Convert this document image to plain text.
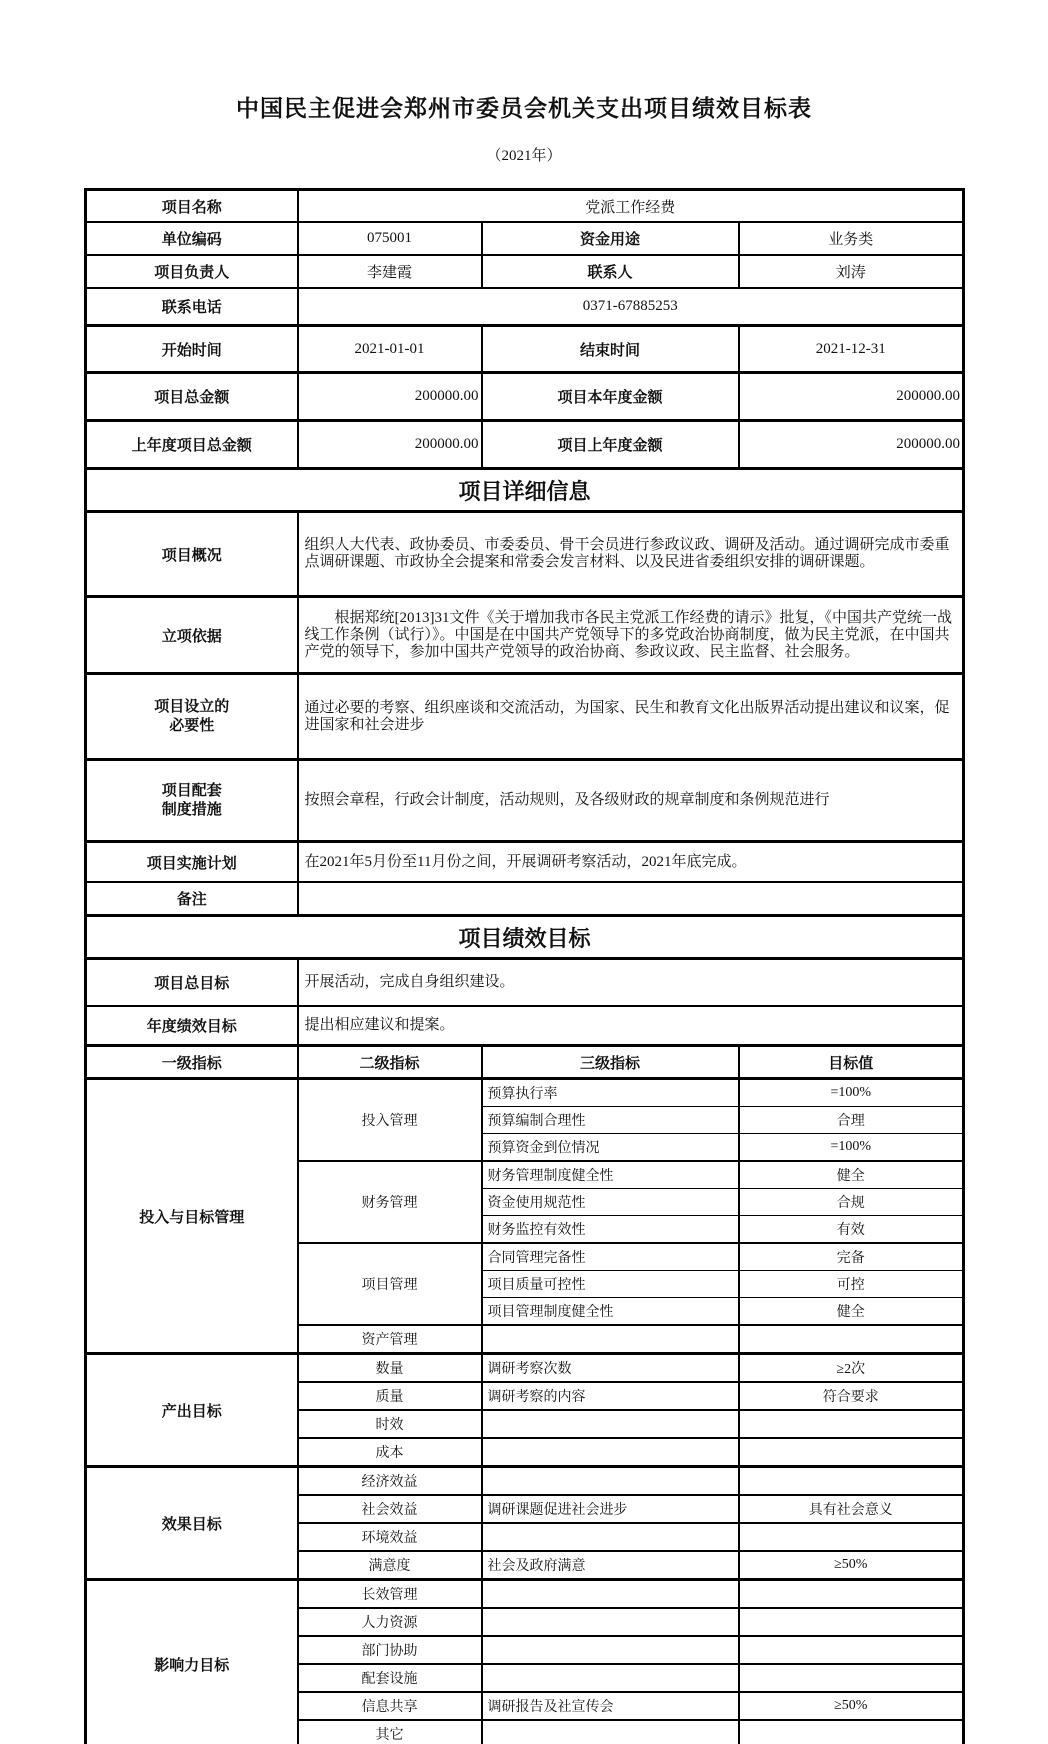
中国民主促进会郑州市委员会机关支出项目绩效目标表
（2021年）
项目名称	党派工作经费		
单位编码	075001	资金用途	业务类
项目负责人	李建霞	联系人	刘涛
联系电话	0371-67885253		
开始时间	2021-01-01	结束时间	2021-12-31
项目总金额	200000.00	项目本年度金额	200000.00
上年度项目总金额	200000.00	项目上年度金额	200000.00
项目详细信息			
项目概况	组织人大代表、政协委员、市委委员、骨干会员进行参政议政、调研及活动。通过调研完成市委重点调研课题、市政协全会提案和常委会发言材料、以及民进省委组织安排的调研课题。		
立项依据	根据郑统[2013]31文件《关于增加我市各民主党派工作经费的请示》批复，《中国共产党统一战线工作条例（试行）》。中国是在中国共产党领导下的多党政治协商制度，做为民主党派，在中国共产党的领导下，参加中国共产党领导的政治协商、参政议政、民主监督、社会服务。		

项目设立的
必要性	通过必要的考察、组织座谈和交流活动，为国家、民生和教育文化出版界活动提出建议和议案，促进国家和社会进步		

项目配套
制度措施	按照会章程，行政会计制度，活动规则，及各级财政的规章制度和条例规范进行		
项目实施计划	在2021年5月份至11月份之间，开展调研考察活动，2021年底完成。		
备注			
项目绩效目标			
项目总目标	开展活动，完成自身组织建设。		
年度绩效目标	提出相应建议和提案。		
一级指标	二级指标	三级指标	目标值
投入与目标管理	投入管理	预算执行率	=100%
		预算编制合理性	合理
		预算资金到位情况	=100%
	财务管理	财务管理制度健全性	健全
		资金使用规范性	合规
		财务监控有效性	有效
	项目管理	合同管理完备性	完备
		项目质量可控性	可控
		项目管理制度健全性	健全
	资产管理		
产出目标	数量	调研考察次数	≥2次
	质量	调研考察的内容	符合要求
	时效		
	成本		
效果目标	经济效益		
	社会效益	调研课题促进社会进步	具有社会意义
	环境效益		
	满意度	社会及政府满意	≥50%
影响力目标	长效管理		
	人力资源		
	部门协助		
	配套设施		
	信息共享	调研报告及社宣传会	≥50%
	其它		
